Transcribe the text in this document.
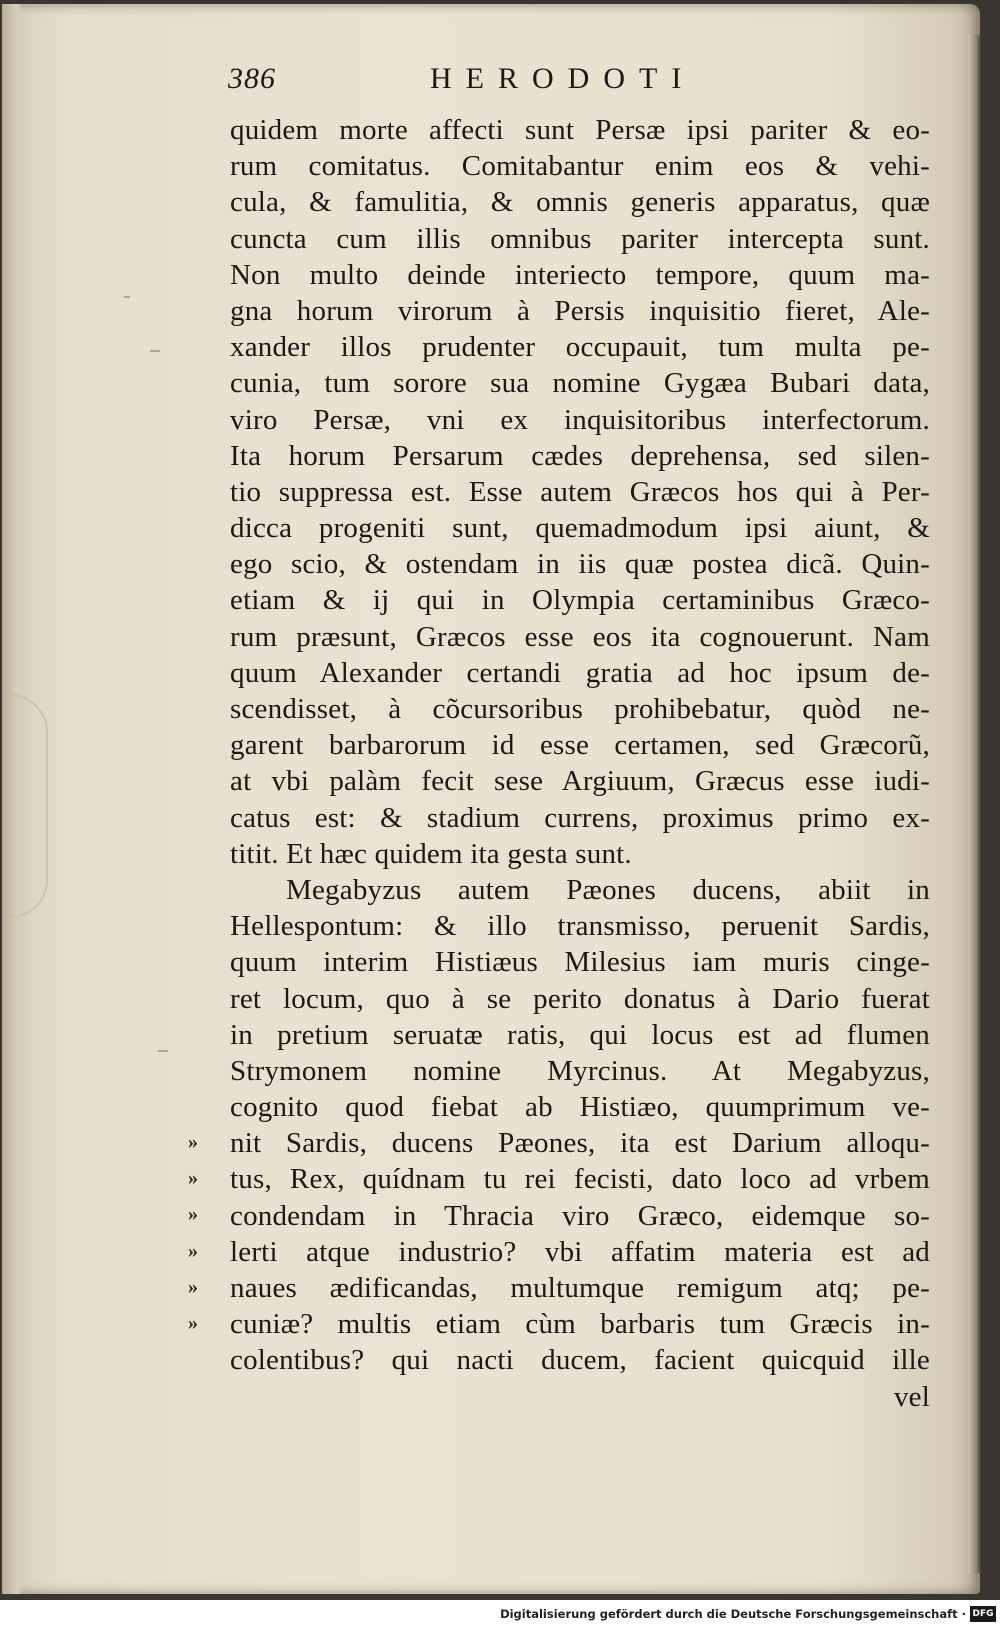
386	HERODOTI
quidem morte affecti sunt Persæ ipsi pariter & eo-
rum comitatus. Comitabantur enim eos & vehi-
cula, & famulitia, & omnis generis apparatus, quæ
cuncta cum illis omnibus pariter intercepta sunt.
Non multo deinde interiecto tempore, quum ma-
gna horum virorum à Persis inquisitio fieret, Ale-
xander illos prudenter occupauit, tum multa pe-
cunia, tum sorore sua nomine Gygæa Bubari data,
viro Persæ, vni ex inquisitoribus interfectorum.
Ita horum Persarum cædes deprehensa, sed silen-
tio suppressa est. Esse autem Græcos hos qui à Per-
dicca progeniti sunt, quemadmodum ipsi aiunt, &
ego scio, & ostendam in iis quæ postea dicã. Quin-
etiam & ij qui in Olympia certaminibus Græco-
rum præsunt, Græcos esse eos ita cognouerunt. Nam
quum Alexander certandi gratia ad hoc ipsum de-
scendisset, à cõcursoribus prohibebatur, quòd ne-
garent barbarorum id esse certamen, sed Græcorũ,
at vbi palàm fecit sese Argiuum, Græcus esse iudi-
catus est: & stadium currens, proximus primo ex-
titit. Et hæc quidem ita gesta sunt.
Megabyzus autem Pæones ducens, abiit in
Hellespontum: & illo transmisso, peruenit Sardis,
quum interim Histiæus Milesius iam muris cinge-
ret locum, quo à se perito donatus à Dario fuerat
in pretium seruatæ ratis, qui locus est ad flumen
Strymonem nomine Myrcinus. At Megabyzus,
cognito quod fiebat ab Histiæo, quumprimum ve-
nit Sardis, ducens Pæones, ita est Darium alloqu-
tus, Rex, quídnam tu rei fecisti, dato loco ad vrbem
condendam in Thracia viro Græco, eidemque so-
lerti atque industrio? vbi affatim materia est ad
naues ædificandas, multumque remigum atq; pe-
cuniæ? multis etiam cùm barbaris tum Græcis in-
colentibus? qui nacti ducem, facient quicquid ille
vel
»
»
»
»
»
»
Digitalisierung gefördert durch die Deutsche Forschungsgemeinschaft · DFG
